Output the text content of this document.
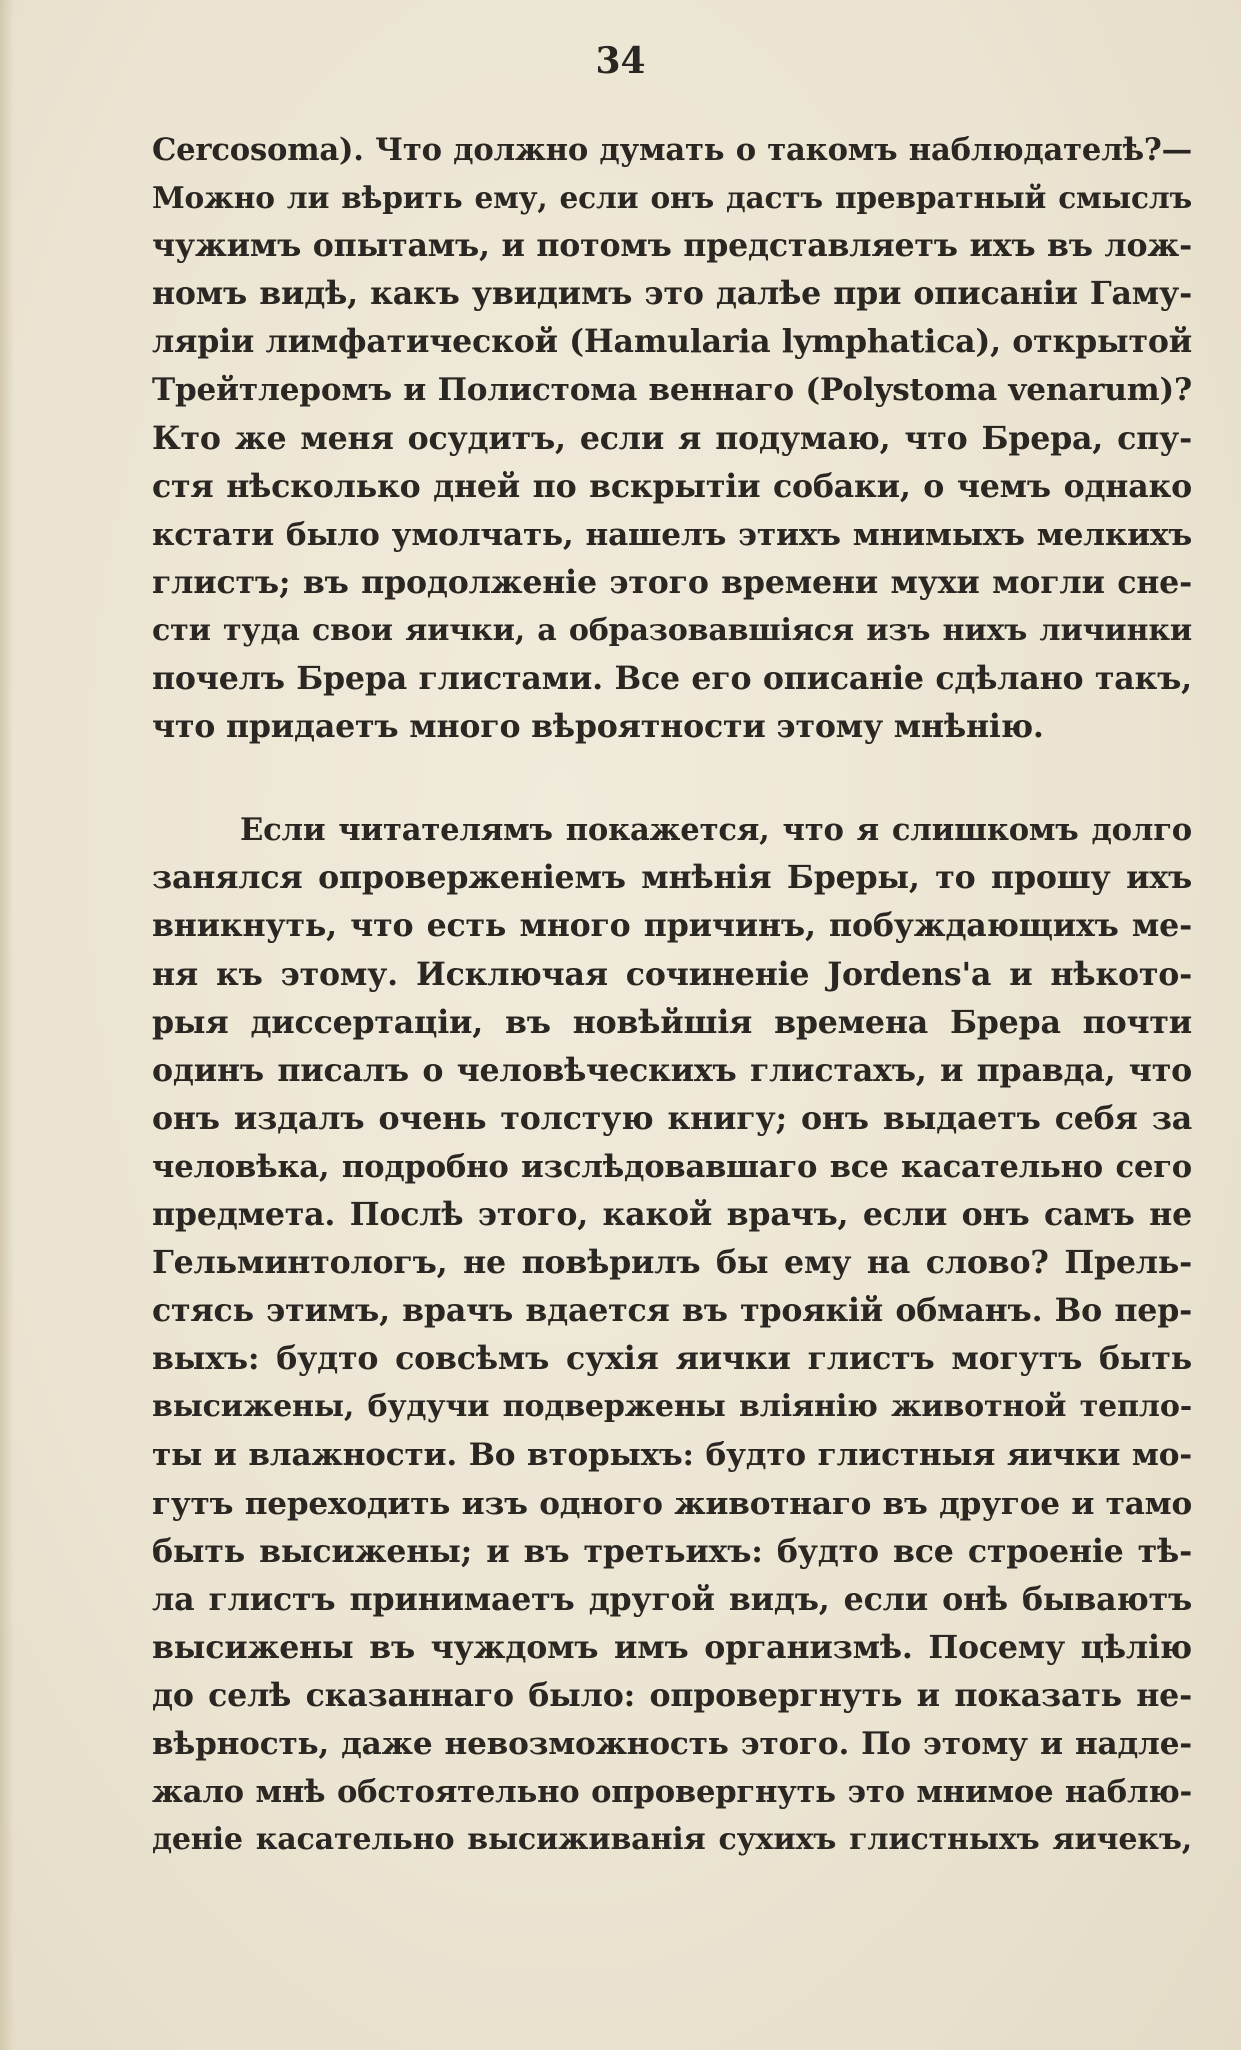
34
Cercosoma). Что должно думать о такомъ наблюдателѣ?—
Можно ли вѣрить ему, если онъ дастъ превратный смыслъ
чужимъ опытамъ, и потомъ представляетъ ихъ въ лож-
номъ видѣ, какъ увидимъ это далѣе при описаніи Гаму-
ляріи лимфатической (Hamularia lymphatica), открытой
Трейтлеромъ и Полистома веннаго (Polystoma venarum)?
Кто же меня осудитъ, если я подумаю, что Брера, спу-
стя нѣсколько дней по вскрытіи собаки, о чемъ однако
кстати было умолчать, нашелъ этихъ мнимыхъ мелкихъ
глистъ; въ продолженіе этого времени мухи могли сне-
сти туда свои яички, а образовавшіяся изъ нихъ личинки
почелъ Брера глистами. Все его описаніе сдѣлано такъ,
что придаетъ много вѣроятности этому мнѣнію.
Если читателямъ покажется, что я слишкомъ долго
занялся опроверженіемъ мнѣнія Бреры, то прошу ихъ
вникнуть, что есть много причинъ, побуждающихъ ме-
ня къ этому. Исключая сочиненіе Jordens'а и нѣкото-
рыя диссертаціи, въ новѣйшія времена Брера почти
одинъ писалъ о человѣческихъ глистахъ, и правда, что
онъ издалъ очень толстую книгу; онъ выдаетъ себя за
человѣка, подробно изслѣдовавшаго все касательно сего
предмета. Послѣ этого, какой врачъ, если онъ самъ не
Гельминтологъ, не повѣрилъ бы ему на слово? Прель-
стясь этимъ, врачъ вдается въ троякій обманъ. Во пер-
выхъ: будто совсѣмъ сухія яички глистъ могутъ быть
высижены, будучи подвержены вліянію животной тепло-
ты и влажности. Во вторыхъ: будто глистныя яички мо-
гутъ переходить изъ одного животнаго въ другое и тамо
быть высижены; и въ третьихъ: будто все строеніе тѣ-
ла глистъ принимаетъ другой видъ, если онѣ бываютъ
высижены въ чуждомъ имъ организмѣ. Посему цѣлію
до селѣ сказаннаго было: опровергнуть и показать не-
вѣрность, даже невозможность этого. По этому и надле-
жало мнѣ обстоятельно опровергнуть это мнимое наблю-
деніе касательно высиживанія сухихъ глистныхъ яичекъ,
